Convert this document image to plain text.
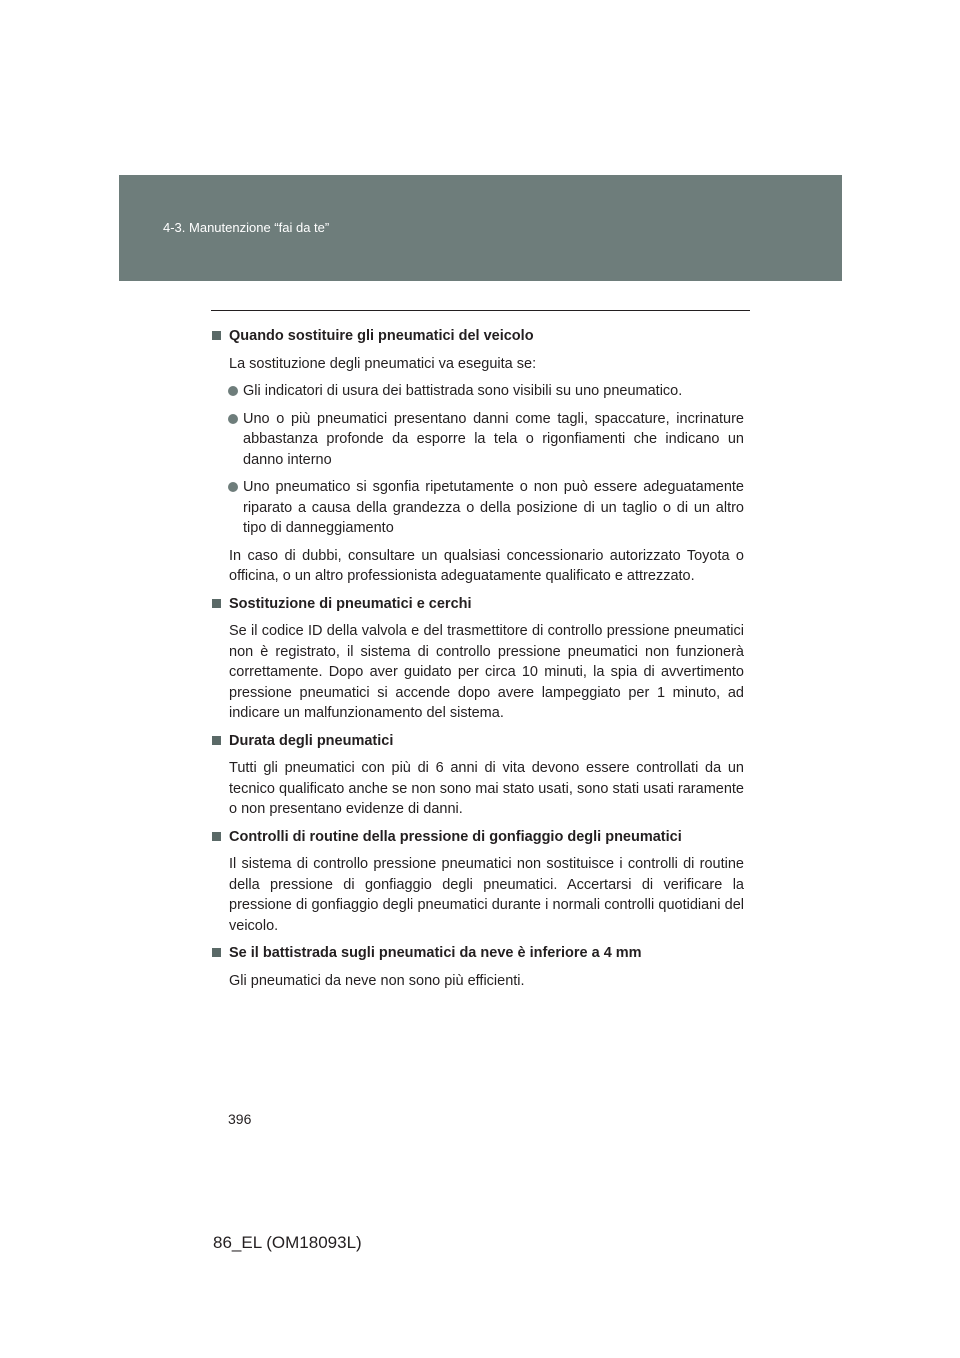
4-3. Manutenzione “fai da te”
Quando sostituire gli pneumatici del veicolo
La sostituzione degli pneumatici va eseguita se:
Gli indicatori di usura dei battistrada sono visibili su uno pneumatico.
Uno o più pneumatici presentano danni come tagli, spaccature, incrinature abbastanza profonde da esporre la tela o rigonfiamenti che indicano un danno interno
Uno pneumatico si sgonfia ripetutamente o non può essere adeguatamente riparato a causa della grandezza o della posizione di un taglio o di un altro tipo di danneggiamento
In caso di dubbi, consultare un qualsiasi concessionario autorizzato Toyota o officina, o un altro professionista adeguatamente qualificato e attrezzato.
Sostituzione di pneumatici e cerchi
Se il codice ID della valvola e del trasmettitore di controllo pressione pneumatici non è registrato, il sistema di controllo pressione pneumatici non funzionerà correttamente. Dopo aver guidato per circa 10 minuti, la spia di avvertimento pressione pneumatici si accende dopo avere lampeggiato per 1 minuto, ad indicare un malfunzionamento del sistema.
Durata degli pneumatici
Tutti gli pneumatici con più di 6 anni di vita devono essere controllati da un tecnico qualificato anche se non sono mai stato usati, sono stati usati raramente o non presentano evidenze di danni.
Controlli di routine della pressione di gonfiaggio degli pneumatici
Il sistema di controllo pressione pneumatici non sostituisce i controlli di routine della pressione di gonfiaggio degli pneumatici. Accertarsi di verificare la pressione di gonfiaggio degli pneumatici durante i normali controlli quotidiani del veicolo.
Se il battistrada sugli pneumatici da neve è inferiore a 4 mm
Gli pneumatici da neve non sono più efficienti.
396
86_EL (OM18093L)
